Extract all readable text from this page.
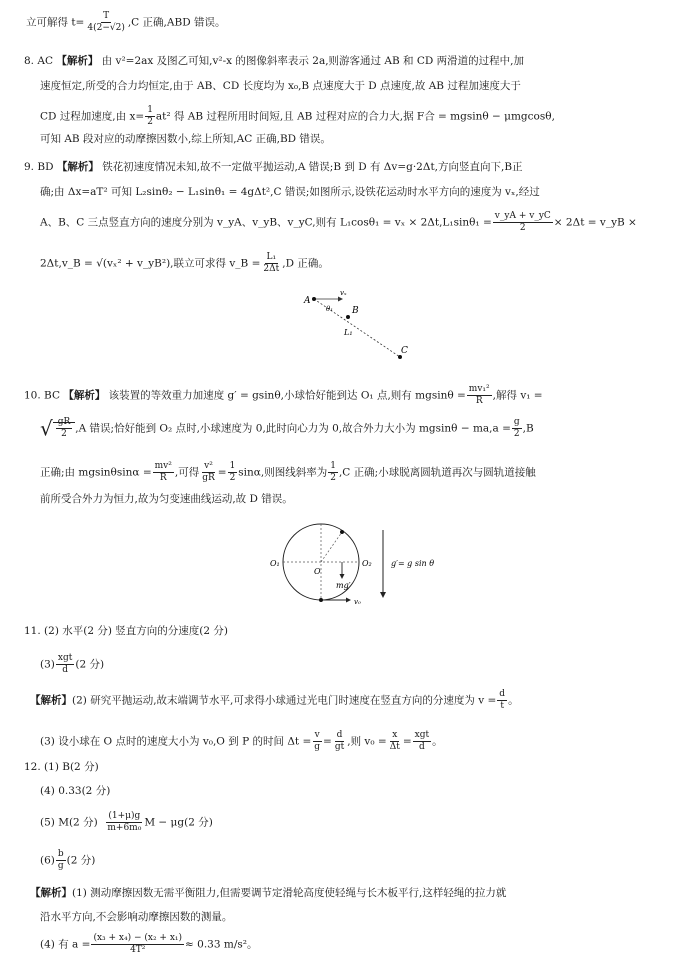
立可解得 $t= \frac{T}{4(2-√2)} ,C$ 正确,ABD 错误。
8. AC 【解析】 由 v²=2ax 及图乙可知,v²-x 的图像斜率表示 2a,则游客通过 AB 和 CD 两滑道的过程中,加
速度恒定,所受的合力均恒定,由于 AB、CD 长度均为 x₀,B 点速度大于 D 点速度,故 AB 过程加速度大于
CD 过程加速度,由 $x= \frac{1}{2} at^2$ 得 AB 过程所用时间短,且 AB 过程对应的合力大,据 F合 = mgsinθ − μmgcosθ,
可知 AB 段对应的动摩擦因数小,综上所知,AC 正确,BD 错误。
9. BD 【解析】 铁花初速度情况未知,故不一定做平抛运动,A 错误;B 到 D 有 Δv=g·2Δt,方向竖直向下,B正
确;由 Δx=aT² 可知 L₂sinθ₂ − L₁sinθ₁ = 4gΔt²,C 错误;如图所示,设铁花运动时水平方向的速度为 vₓ,经过
A、B、C 三点竖直方向的速度分别为 v_yA、v_yB、v_yC,则有 $L_1\cos\theta_1 = v_x \times 2\Delta t,L_1\sin\theta_1 = \frac{v\_yA + v\_yC}{2} \times 2\Delta t$ = v_yB ×
2Δt,v_B = √(vₓ² + v_yB²),联立可求得 v_B = $\frac{\text{L₁}}{2\Delta t} ,D$ 正确。
A
B
C
vₓ
θ₁
L₁
10. BC 【解析】 该装置的等效重力加速度 g′ = gsinθ,小球恰好能到达 O₁ 点,则有 $mgsin\theta = \frac{\text{mv₁²}}{R}$ ,解得 v₁ =
√ $\frac{gR}{2} ,A$ 错误;恰好能到 O₂ 点时,小球速度为 0,此时向心力为 0,故合外力大小为 $mgsin\theta - ma,a = \frac{g}{2} ,B$
正确;由 $mgsin\theta\sin\alpha = \frac{\text{mv²}}{R}$ ,可得 $\frac{\text{v²}}{gR} = \frac{1}{2} \sin\alpha$,则图线斜率为 $\frac{1}{2} ,C$ 正确;小球脱离圆轨道再次与圆轨道接触
前所受合外力为恒力,故为匀变速曲线运动,故 D 错误。
O₁
O
O₂
mg′
v₀
g′= g sin θ
11. (2) 水平(2 分) 竖直方向的分速度(2 分)
$(3) \frac{\text{xgt}}{d} (2$ 分)
【解析】(2) 研究平抛运动,故末端调节水平,可求得小球通过光电门时速度在竖直方向的分速度为 $v = \frac{d}{t}$ 。
(3) 设小球在 O 点时的速度大小为 v₀,O 到 P 的时间 $\Delta t = \frac{v}{g} = \frac{d}{gt}$ ,则 $v_0 = \frac{x}{\Delta t} = \frac{\text{xgt}}{d}$ 。
12. (1) B(2 分)
(4) 0.33(2 分)
(5) M(2 分) $\frac{(1+\mu)g}{\text{m+6m₀}}$ M − μg(2 分)
$(6) \frac{b}{g} (2$ 分)
【解析】(1) 测动摩擦因数无需平衡阻力,但需要调节定滑轮高度使轻绳与长木板平行,这样轻绳的拉力就
沿水平方向,不会影响动摩擦因数的测量。
(4) 有 $a = \frac{\text{(x₃ + x₄) − (x₂ + x₁)}}{\text{4T²}} \approx 0.33$ m/s²。
